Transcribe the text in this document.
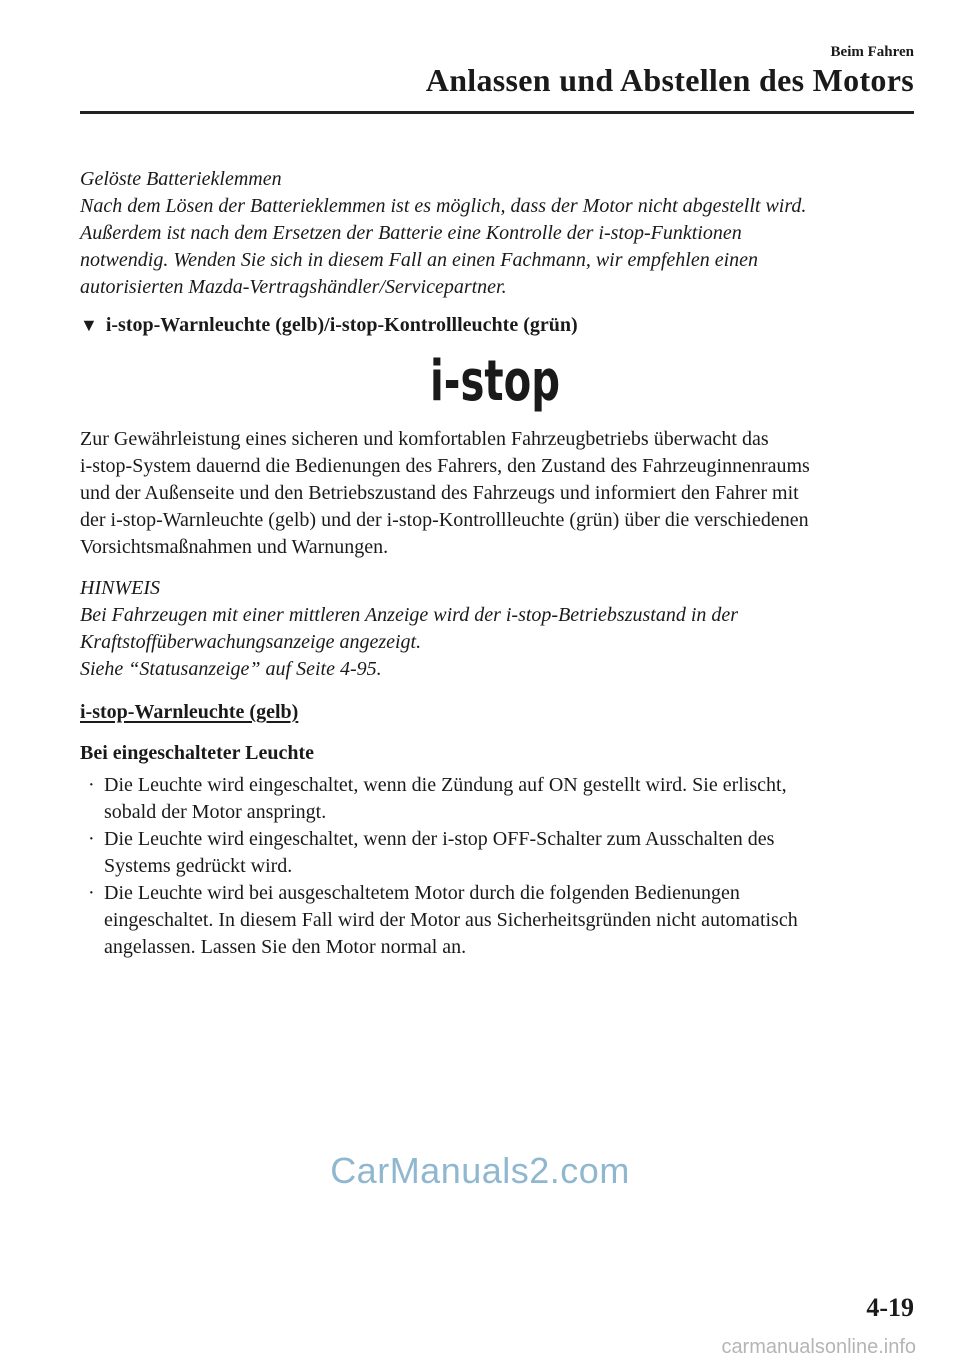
Beim Fahren
Anlassen und Abstellen des Motors

Gelöste Batterieklemmen

Nach dem Lösen der Batterieklemmen ist es möglich, dass der Motor nicht abgestellt wird.

Außerdem ist nach dem Ersetzen der Batterie eine Kontrolle der i-stop-Funktionen

notwendig. Wenden Sie sich in diesem Fall an einen Fachmann, wir empfehlen einen

autorisierten Mazda-Vertragshändler/Servicepartner.

▼ i-stop-Warnleuchte (gelb)/i-stop-Kontrollleuchte (grün)
i-stop

Zur Gewährleistung eines sicheren und komfortablen Fahrzeugbetriebs überwacht das

i-stop-System dauernd die Bedienungen des Fahrers, den Zustand des Fahrzeuginnenraums

und der Außenseite und den Betriebszustand des Fahrzeugs und informiert den Fahrer mit

der i-stop-Warnleuchte (gelb) und der i-stop-Kontrollleuchte (grün) über die verschiedenen

Vorsichtsmaßnahmen und Warnungen.

HINWEIS

Bei Fahrzeugen mit einer mittleren Anzeige wird der i-stop-Betriebszustand in der

Kraftstoffüberwachungsanzeige angezeigt.

Siehe “Statusanzeige” auf Seite 4-95.

i-stop-Warnleuchte (gelb)

Bei eingeschalteter Leuchte

· Die Leuchte wird eingeschaltet, wenn die Zündung auf ON gestellt wird. Sie erlischt,
sobald der Motor anspringt.
· Die Leuchte wird eingeschaltet, wenn der i-stop OFF-Schalter zum Ausschalten des
Systems gedrückt wird.
· Die Leuchte wird bei ausgeschaltetem Motor durch die folgenden Bedienungen
eingeschaltet. In diesem Fall wird der Motor aus Sicherheitsgründen nicht automatisch
angelassen. Lassen Sie den Motor normal an.
CarManuals2.com
4-19
carmanualsonline.info
